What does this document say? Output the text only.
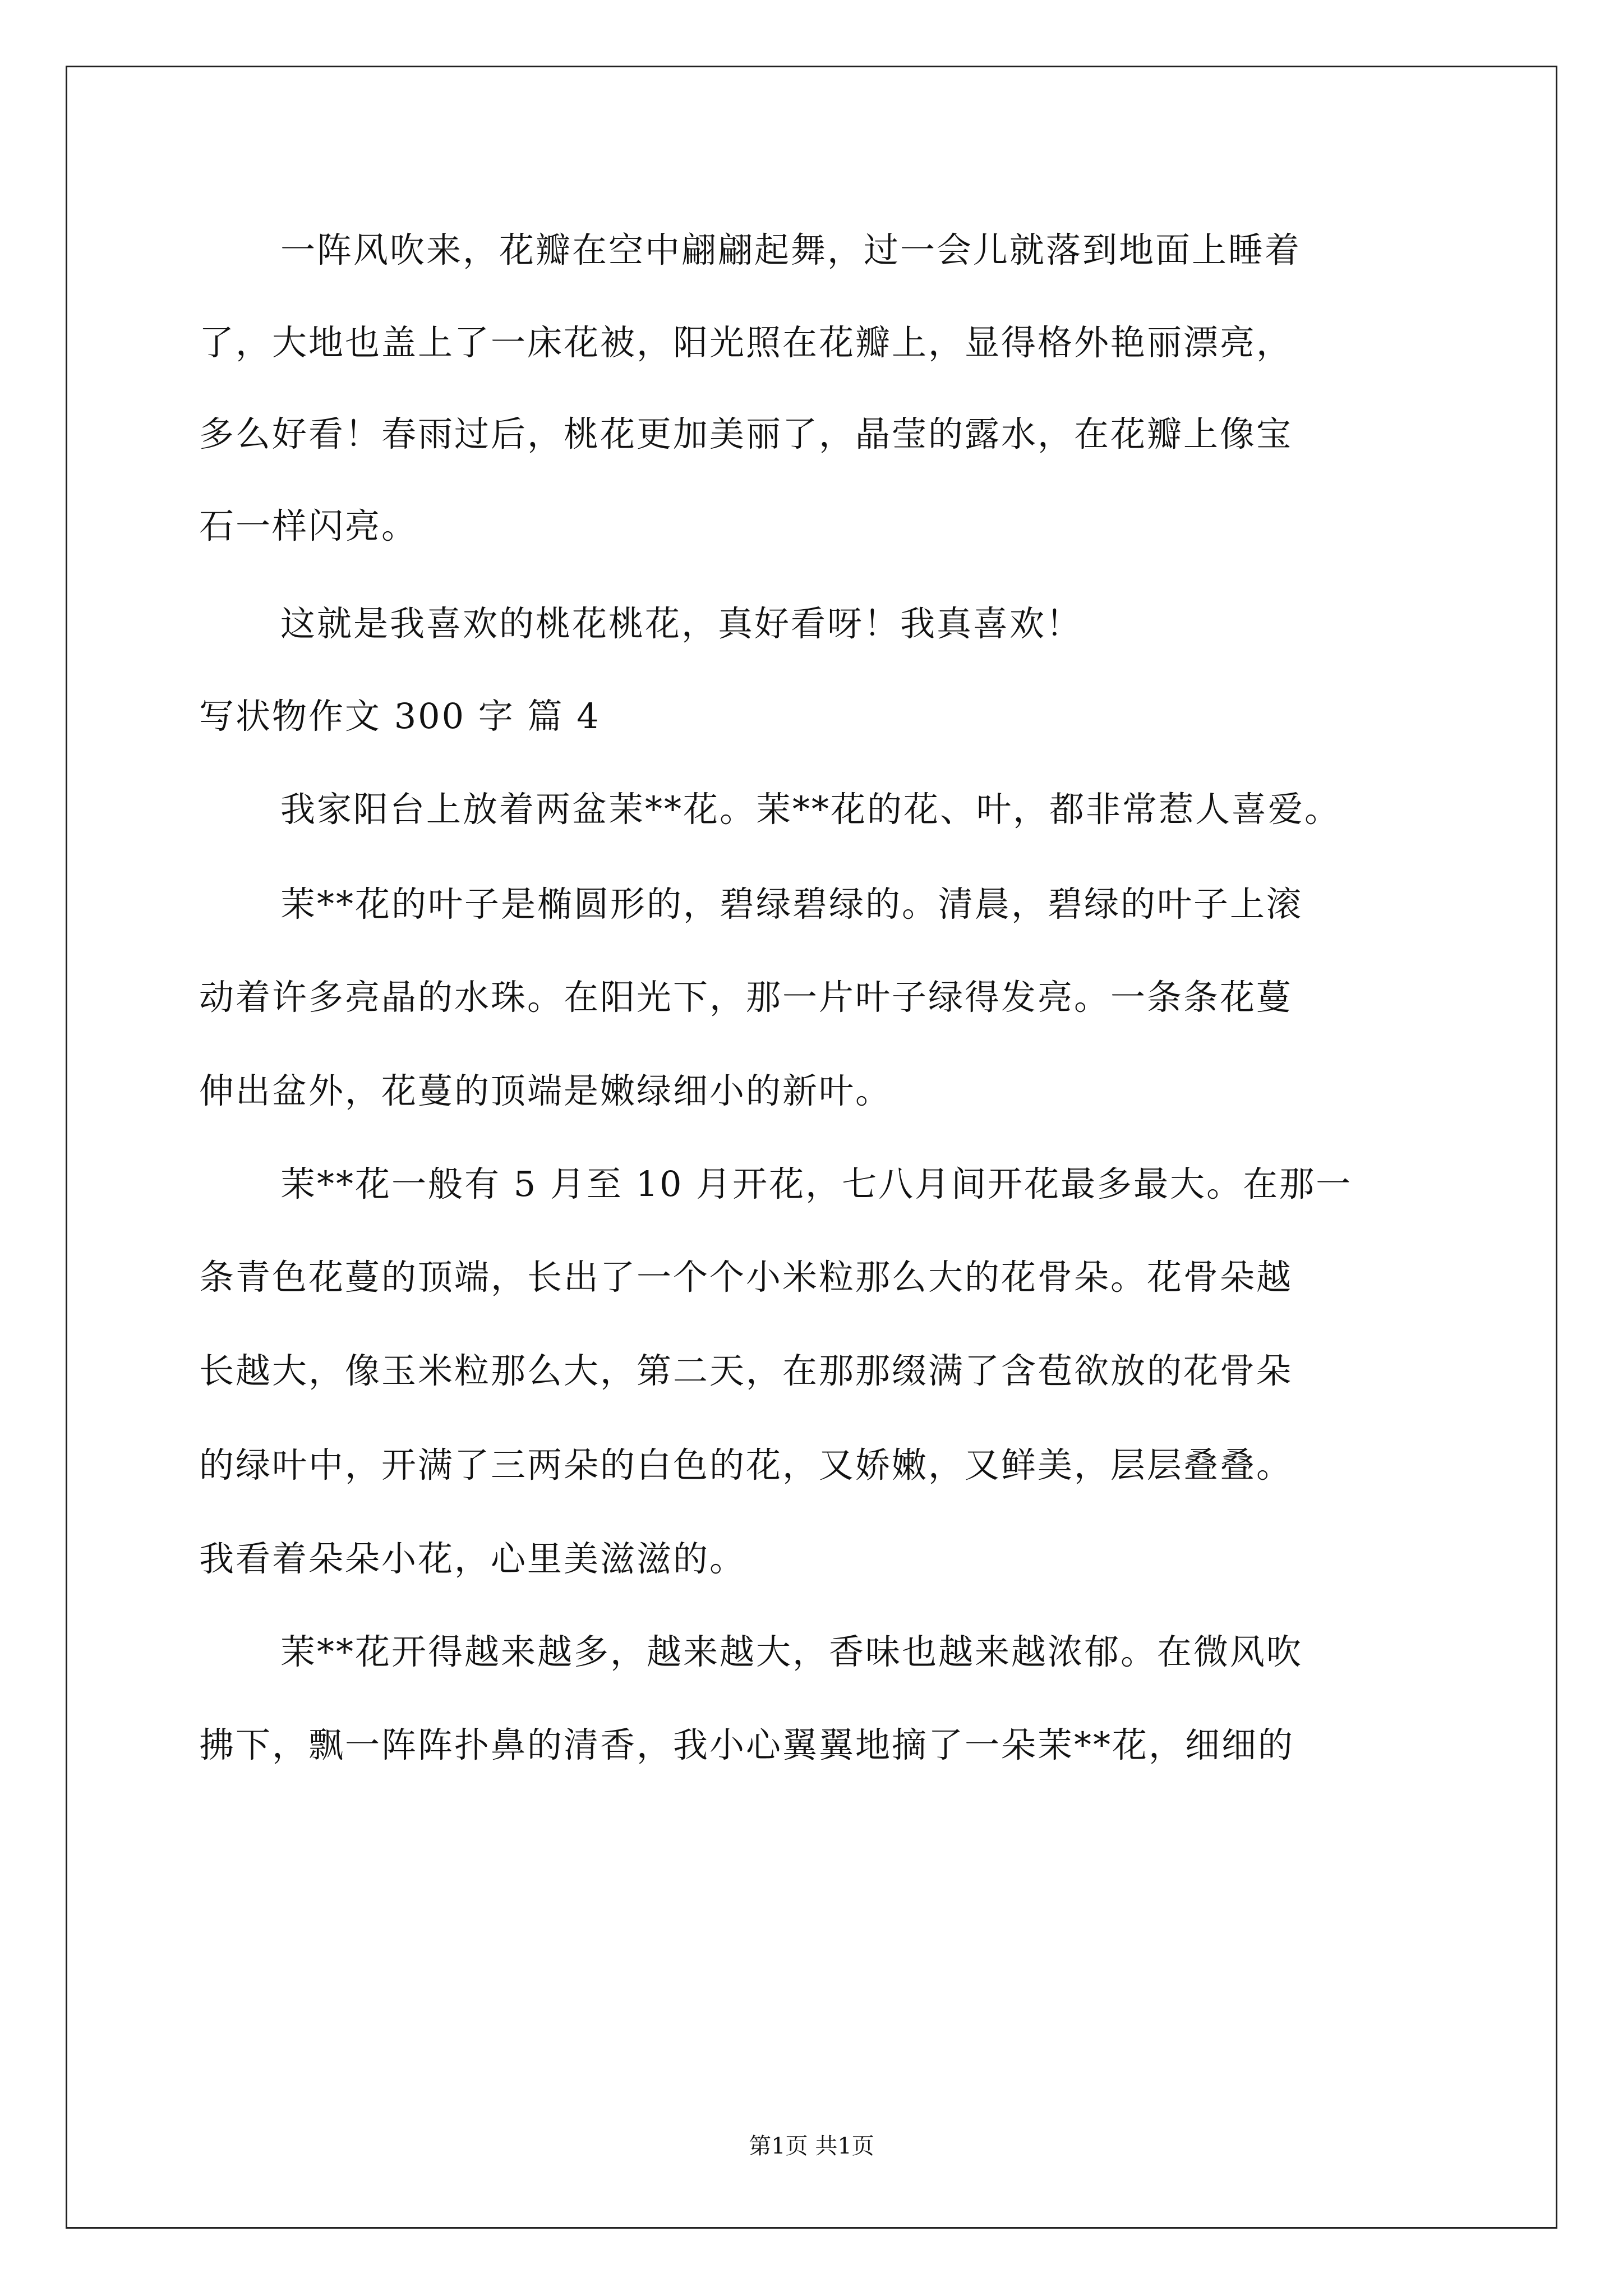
一阵风吹来，花瓣在空中翩翩起舞，过一会儿就落到地面上睡着
了，大地也盖上了一床花被，阳光照在花瓣上，显得格外艳丽漂亮，
多么好看！春雨过后，桃花更加美丽了，晶莹的露水，在花瓣上像宝
石一样闪亮。
这就是我喜欢的桃花桃花，真好看呀！我真喜欢！
写状物作文 300 字 篇 4
我家阳台上放着两盆茉**花。茉**花的花、叶，都非常惹人喜爱。
茉**花的叶子是椭圆形的，碧绿碧绿的。清晨，碧绿的叶子上滚
动着许多亮晶的水珠。在阳光下，那一片叶子绿得发亮。一条条花蔓
伸出盆外，花蔓的顶端是嫩绿细小的新叶。
茉**花一般有 5 月至 10 月开花，七八月间开花最多最大。在那一
条青色花蔓的顶端，长出了一个个小米粒那么大的花骨朵。花骨朵越
长越大，像玉米粒那么大，第二天，在那那缀满了含苞欲放的花骨朵
的绿叶中，开满了三两朵的白色的花，又娇嫩，又鲜美，层层叠叠。
我看着朵朵小花，心里美滋滋的。
茉**花开得越来越多，越来越大，香味也越来越浓郁。在微风吹
拂下，飘一阵阵扑鼻的清香，我小心翼翼地摘了一朵茉**花，细细的
第1页 共1页
